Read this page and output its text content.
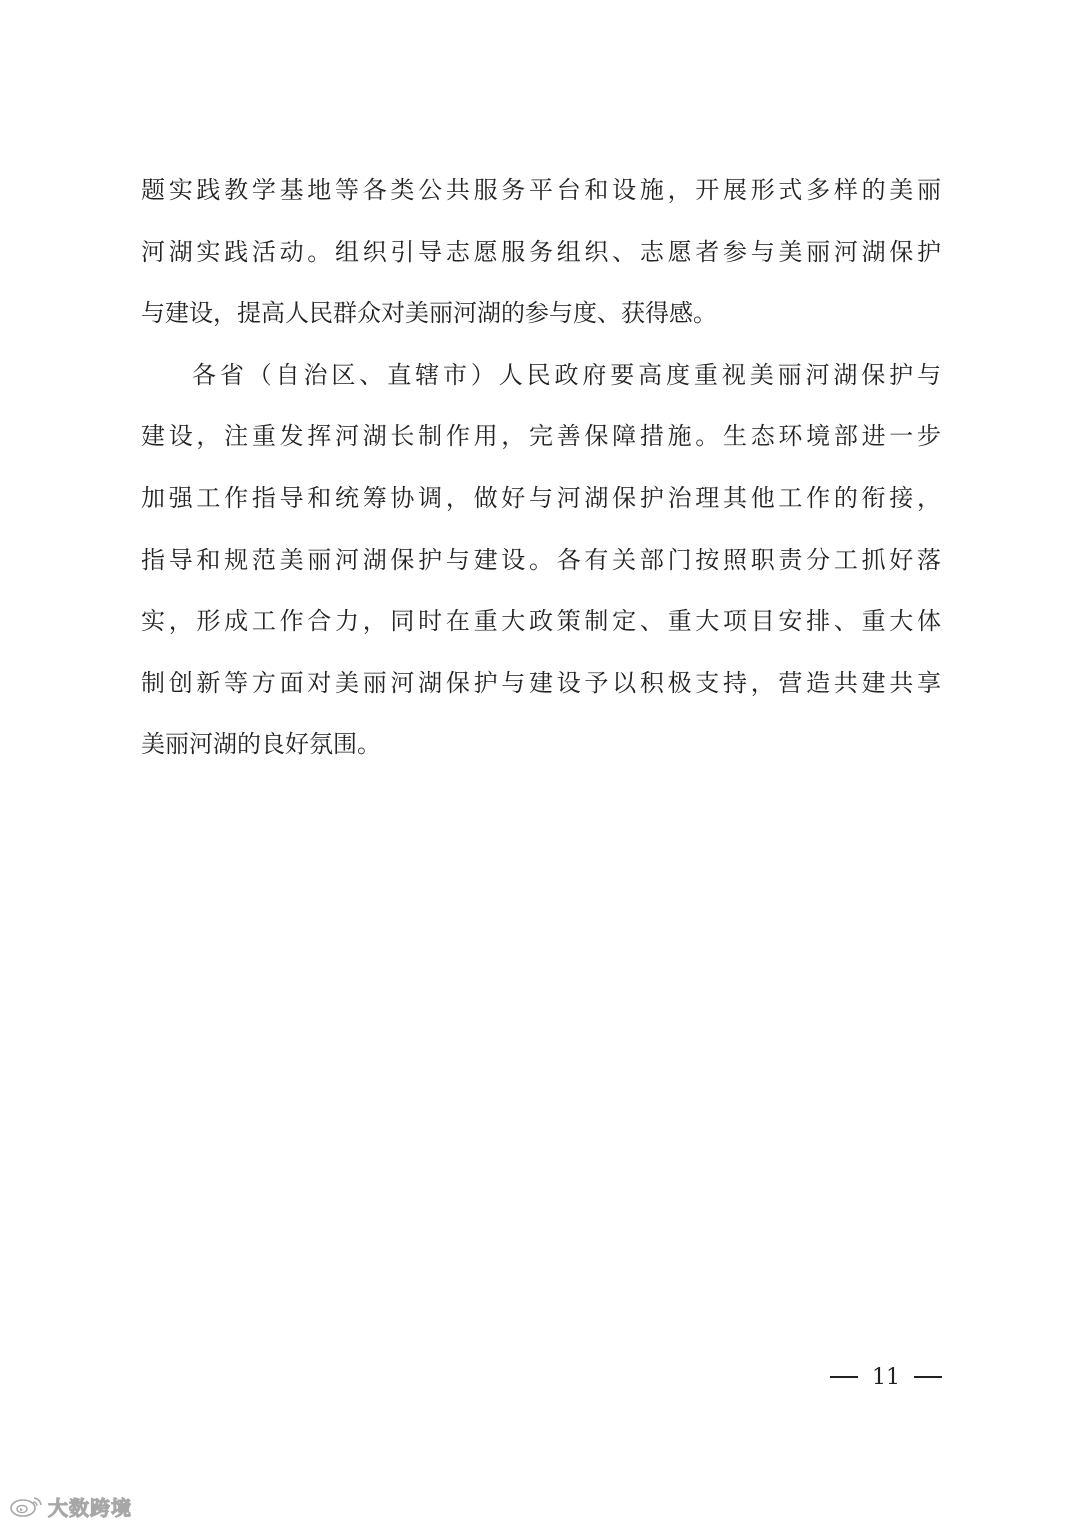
题实践教学基地等各类公共服务平台和设施，开展形式多样的美丽
河湖实践活动。组织引导志愿服务组织、志愿者参与美丽河湖保护
与建设，提高人民群众对美丽河湖的参与度、获得感。
各省（自治区、直辖市）人民政府要高度重视美丽河湖保护与
建设，注重发挥河湖长制作用，完善保障措施。生态环境部进一步
加强工作指导和统筹协调，做好与河湖保护治理其他工作的衔接，
指导和规范美丽河湖保护与建设。各有关部门按照职责分工抓好落
实，形成工作合力，同时在重大政策制定、重大项目安排、重大体
制创新等方面对美丽河湖保护与建设予以积极支持，营造共建共享
美丽河湖的良好氛围。
11
大数跨境
